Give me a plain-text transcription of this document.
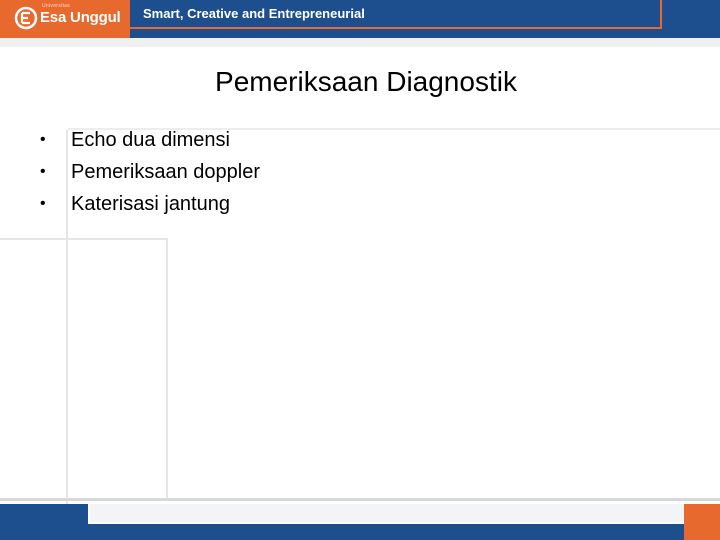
Universitas
Esa Unggul Smart, Creative and Entrepreneurial
Pemeriksaan Diagnostik
• Echo dua dimensi
• Pemeriksaan doppler
• Katerisasi jantung
